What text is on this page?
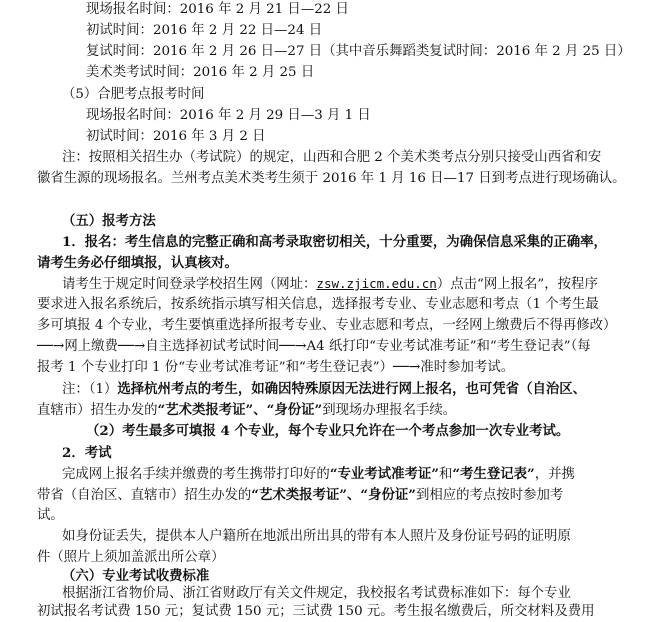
现场报名时间：2016 年 2 月 21 日—22 日
初试时间：2016 年 2 月 22 日—24 日
复试时间：2016 年 2 月 26 日—27 日（其中音乐舞蹈类复试时间：2016 年 2 月 25 日）
美术类考试时间：2016 年 2 月 25 日
（5）合肥考点报考时间
现场报名时间：2016 年 2 月 29 日—3 月 1 日
初试时间：2016 年 3 月 2 日
注：按照相关招生办（考试院）的规定，山西和合肥 2 个美术类考点分别只接受山西省和安
徽省生源的现场报名。兰州考点美术类考生须于 2016 年 1 月 16 日—17 日到考点进行现场确认。
（五）报考方法
1．报名：考生信息的完整正确和高考录取密切相关，十分重要，为确保信息采集的正确率，
请考生务必仔细填报，认真核对。
请考生于规定时间登录学校招生网（网址：zsw.zjicm.edu.cn）点击“网上报名”，按程序
要求进入报名系统后，按系统指示填写相关信息，选择报考专业、专业志愿和考点（1 个考生最
多可填报 4 个专业，考生要慎重选择所报考专业、专业志愿和考点，一经网上缴费后不得再修改）
──→网上缴费──→自主选择初试考试时间──→A4 纸打印“专业考试准考证”和“考生登记表”（每
报考 1 个专业打印 1 份“专业考试准考证”和“考生登记表”）──→准时参加考试。
注：（1）选择杭州考点的考生，如确因特殊原因无法进行网上报名，也可凭省（自治区、
直辖市）招生办发的“艺术类报考证”、“身份证”到现场办理报名手续。
（2）考生最多可填报 4 个专业，每个专业只允许在一个考点参加一次专业考试。
2．考试
完成网上报名手续并缴费的考生携带打印好的“专业考试准考证”和“考生登记表”，并携
带省（自治区、直辖市）招生办发的“艺术类报考证”、“身份证”到相应的考点按时参加考
试。
如身份证丢失，提供本人户籍所在地派出所出具的带有本人照片及身份证号码的证明原
件（照片上须加盖派出所公章）
（六）专业考试收费标准
根据浙江省物价局、浙江省财政厅有关文件规定，我校报名考试费标准如下：每个专业
初试报名考试费 150 元；复试费 150 元；三试费 150 元。考生报名缴费后，所交材料及费用
